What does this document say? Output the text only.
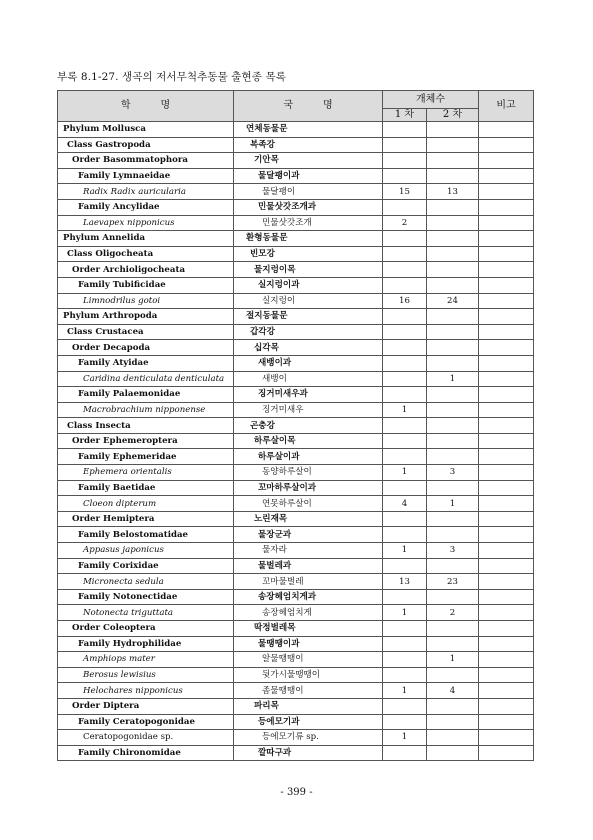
부록 8.1-27. 생곡의 저서무척추동물 출현종 목록
학　　　명	국　　　명	개체수		비고
		1 차	2 차	
Phylum Mollusca	연체동물문			
Class Gastropoda	복족강			
Order Basommatophora	기안목			
Family Lymnaeidae	물달팽이과			
Radix Radix auricularia	물달팽이	15	13	
Family Ancylidae	민물삿갓조개과			
Laevapex nipponicus	민물삿갓조개	2		
Phylum Annelida	환형동물문			
Class Oligocheata	빈모강			
Order Archioligocheata	물지렁이목			
Family Tubificidae	실지렁이과			
Limnodrilus gotoi	실지렁이	16	24	
Phylum Arthropoda	절지동물문			
Class Crustacea	갑각강			
Order Decapoda	십각목			
Family Atyidae	새뱅이과			
Caridina denticulata denticulata	새뱅이		1	
Family Palaemonidae	징거미새우과			
Macrobrachium nipponense	징거미새우	1		
Class Insecta	곤충강			
Order Ephemeroptera	하루살이목			
Family Ephemeridae	하루살이과			
Ephemera orientalis	동양하루살이	1	3	
Family Baetidae	꼬마하루살이과			
Cloeon dipterum	연못하루살이	4	1	
Order Hemiptera	노린재목			
Family Belostomatidae	물장군과			
Appasus japonicus	물자라	1	3	
Family Corixidae	물벌레과			
Micronecta sedula	꼬마물벌레	13	23	
Family Notonectidae	송장헤엄치게과			
Notonecta triguttata	송장헤엄치게	1	2	
Order Coleoptera	딱정벌레목			
Family Hydrophilidae	물땡땡이과			
Amphiops mater	알물땡땡이		1	
Berosus lewisius	뒷가시물땡땡이			
Helochares nipponicus	좀물땡땡이	1	4	
Order Diptera	파리목			
Family Ceratopogonidae	등에모기과			
Ceratopogonidae sp.	등에모기류 sp.	1		
Family Chironomidae	깔따구과			
- 399 -
